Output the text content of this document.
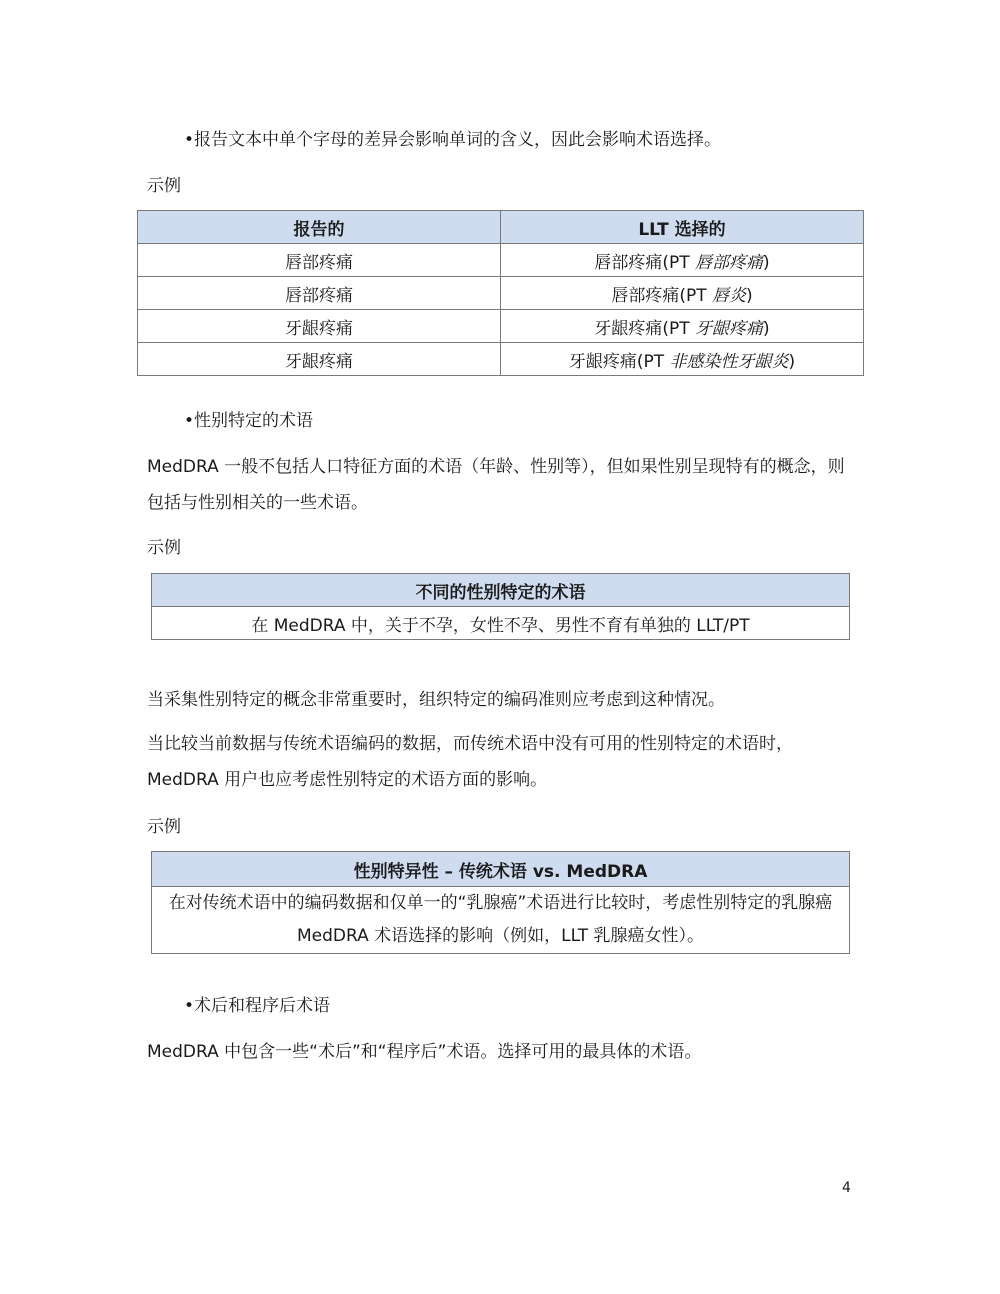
•报告文本中单个字母的差异会影响单词的含义，因此会影响术语选择。

示例

报告的	LLT 选择的
唇部疼痛	唇部疼痛(PT 唇部疼痛)
唇部疼痛	唇部疼痛(PT 唇炎)
牙龈疼痛	牙龈疼痛(PT 牙龈疼痛)
牙龈疼痛	牙龈疼痛(PT 非感染性牙龈炎)

•性别特定的术语

MedDRA 一般不包括人口特征方面的术语（年龄、性别等），但如果性别呈现特有的概念，则包括与性别相关的一些术语。

示例

不同的性别特定的术语
在 MedDRA 中，关于不孕，女性不孕、男性不育有单独的 LLT/PT

当采集性别特定的概念非常重要时，组织特定的编码准则应考虑到这种情况。

当比较当前数据与传统术语编码的数据，而传统术语中没有可用的性别特定的术语时，MedDRA 用户也应考虑性别特定的术语方面的影响。

示例

性别特异性 – 传统术语 vs. MedDRA
在对传统术语中的编码数据和仅单一的“乳腺癌”术语进行比较时，考虑性别特定的乳腺癌 MedDRA 术语选择的影响（例如，LLT 乳腺癌女性）。

•术后和程序后术语

MedDRA 中包含一些“术后”和“程序后”术语。选择可用的最具体的术语。

4
